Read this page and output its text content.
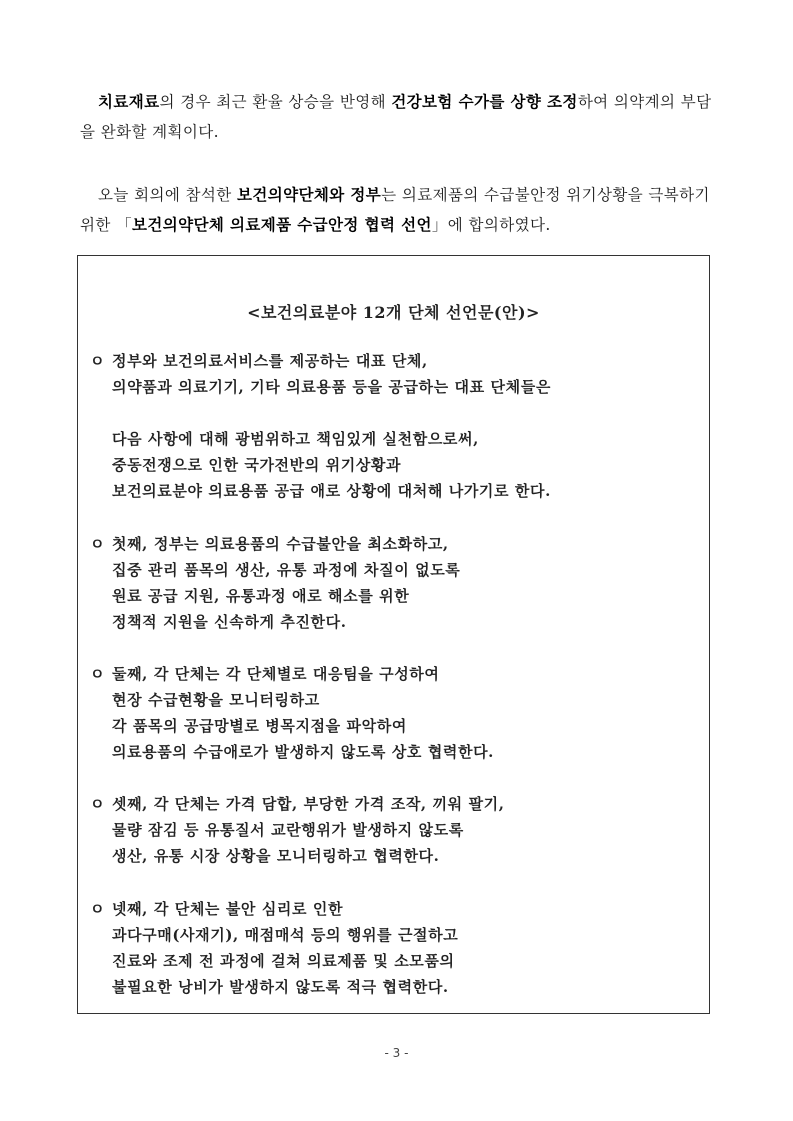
치료재료의 경우 최근 환율 상승을 반영해 건강보험 수가를 상향 조정하여 의약계의 부담을 완화할 계획이다.
오늘 회의에 참석한 보건의약단체와 정부는 의료제품의 수급불안정 위기상황을 극복하기 위한 「보건의약단체 의료제품 수급안정 협력 선언」에 합의하였다.
<보건의료분야 12개 단체 선언문(안)>
ㅇ 정부와 보건의료서비스를 제공하는 대표 단체,
의약품과 의료기기, 기타 의료용품 등을 공급하는 대표 단체들은

다음 사항에 대해 광범위하고 책임있게 실천함으로써,
중동전쟁으로 인한 국가전반의 위기상황과
보건의료분야 의료용품 공급 애로 상황에 대처해 나가기로 한다.
ㅇ 첫째, 정부는 의료용품의 수급불안을 최소화하고,
집중 관리 품목의 생산, 유통 과정에 차질이 없도록
원료 공급 지원, 유통과정 애로 해소를 위한
정책적 지원을 신속하게 추진한다.
ㅇ 둘째, 각 단체는 각 단체별로 대응팀을 구성하여
현장 수급현황을 모니터링하고
각 품목의 공급망별로 병목지점을 파악하여
의료용품의 수급애로가 발생하지 않도록 상호 협력한다.
ㅇ 셋째, 각 단체는 가격 담합, 부당한 가격 조작, 끼워 팔기,
물량 잠김 등 유통질서 교란행위가 발생하지 않도록
생산, 유통 시장 상황을 모니터링하고 협력한다.
ㅇ 넷째, 각 단체는 불안 심리로 인한
과다구매(사재기), 매점매석 등의 행위를 근절하고
진료와 조제 전 과정에 걸쳐 의료제품 및 소모품의
불필요한 낭비가 발생하지 않도록 적극 협력한다.
- 3 -
